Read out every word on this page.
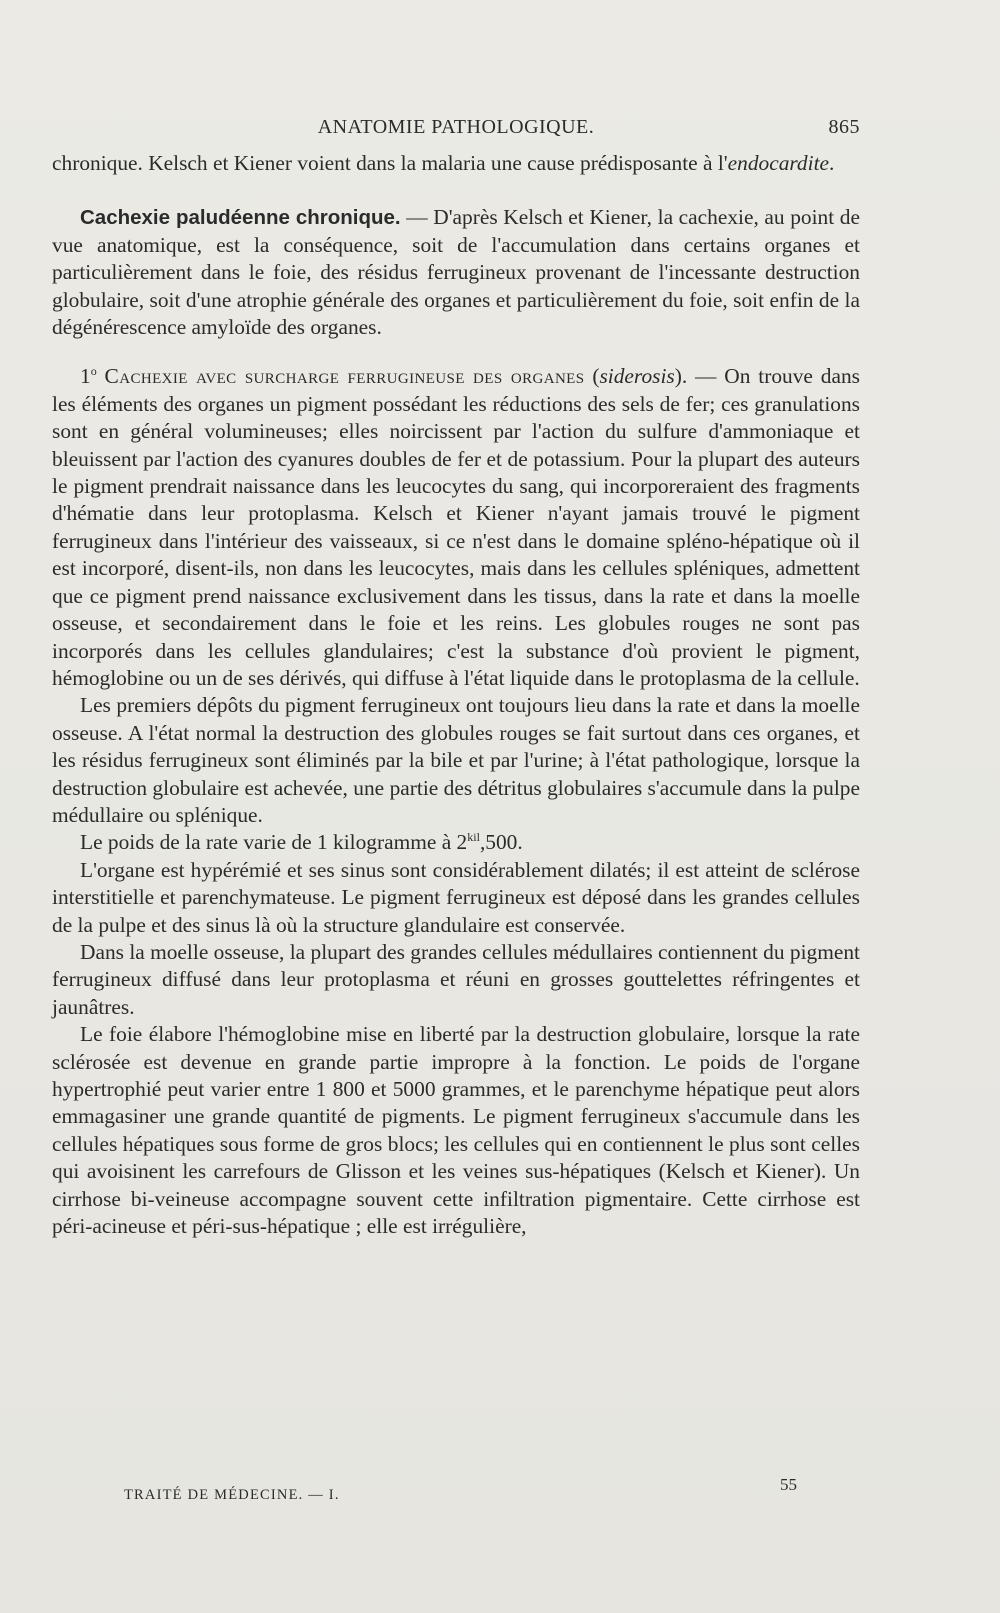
ANATOMIE PATHOLOGIQUE.	865

chronique. Kelsch et Kiener voient dans la malaria une cause prédisposante à l'endocardite.

Cachexie paludéenne chronique. — D'après Kelsch et Kiener, la cachexie, au point de vue anatomique, est la conséquence, soit de l'accumulation dans certains organes et particulièrement dans le foie, des résidus ferrugineux provenant de l'incessante destruction globulaire, soit d'une atrophie générale des organes et particulièrement du foie, soit enfin de la dégénérescence amyloïde des organes.

1$^o$ Cachexie avec surcharge ferrugineuse des organes (siderosis). — On trouve dans les éléments des organes un pigment possédant les réductions des sels de fer; ces granulations sont en général volumineuses; elles noircissent par l'action du sulfure d'ammoniaque et bleuissent par l'action des cyanures doubles de fer et de potassium. Pour la plupart des auteurs le pigment prendrait naissance dans les leucocytes du sang, qui incorporeraient des fragments d'hématie dans leur protoplasma. Kelsch et Kiener n'ayant jamais trouvé le pigment ferrugineux dans l'intérieur des vaisseaux, si ce n'est dans le domaine spléno-hépatique où il est incorporé, disent-ils, non dans les leucocytes, mais dans les cellules spléniques, admettent que ce pigment prend naissance exclusivement dans les tissus, dans la rate et dans la moelle osseuse, et secondairement dans le foie et les reins. Les globules rouges ne sont pas incorporés dans les cellules glandulaires; c'est la substance d'où provient le pigment, hémoglobine ou un de ses dérivés, qui diffuse à l'état liquide dans le protoplasma de la cellule.

Les premiers dépôts du pigment ferrugineux ont toujours lieu dans la rate et dans la moelle osseuse. A l'état normal la destruction des globules rouges se fait surtout dans ces organes, et les résidus ferrugineux sont éliminés par la bile et par l'urine; à l'état pathologique, lorsque la destruction globulaire est achevée, une partie des détritus globulaires s'accumule dans la pulpe médullaire ou splénique.

Le poids de la rate varie de 1 kilogramme à $2^{kil},500$.

L'organe est hypérémié et ses sinus sont considérablement dilatés; il est atteint de sclérose interstitielle et parenchymateuse. Le pigment ferrugineux est déposé dans les grandes cellules de la pulpe et des sinus là où la structure glandulaire est conservée.

Dans la moelle osseuse, la plupart des grandes cellules médullaires contiennent du pigment ferrugineux diffusé dans leur protoplasma et réuni en grosses gouttelettes réfringentes et jaunâtres.

Le foie élabore l'hémoglobine mise en liberté par la destruction globulaire, lorsque la rate sclérosée est devenue en grande partie impropre à la fonction. Le poids de l'organe hypertrophié peut varier entre 1 800 et 5000 grammes, et le parenchyme hépatique peut alors emmagasiner une grande quantité de pigments. Le pigment ferrugineux s'accumule dans les cellules hépatiques sous forme de gros blocs; les cellules qui en contiennent le plus sont celles qui avoisinent les carrefours de Glisson et les veines sus-hépatiques (Kelsch et Kiener). Un cirrhose bi-veineuse accompagne souvent cette infiltration pigmentaire. Cette cirrhose est péri-acineuse et péri-sus-hépatique ; elle est irrégulière,

TRAITÉ DE MÉDECINE. — I.
55
